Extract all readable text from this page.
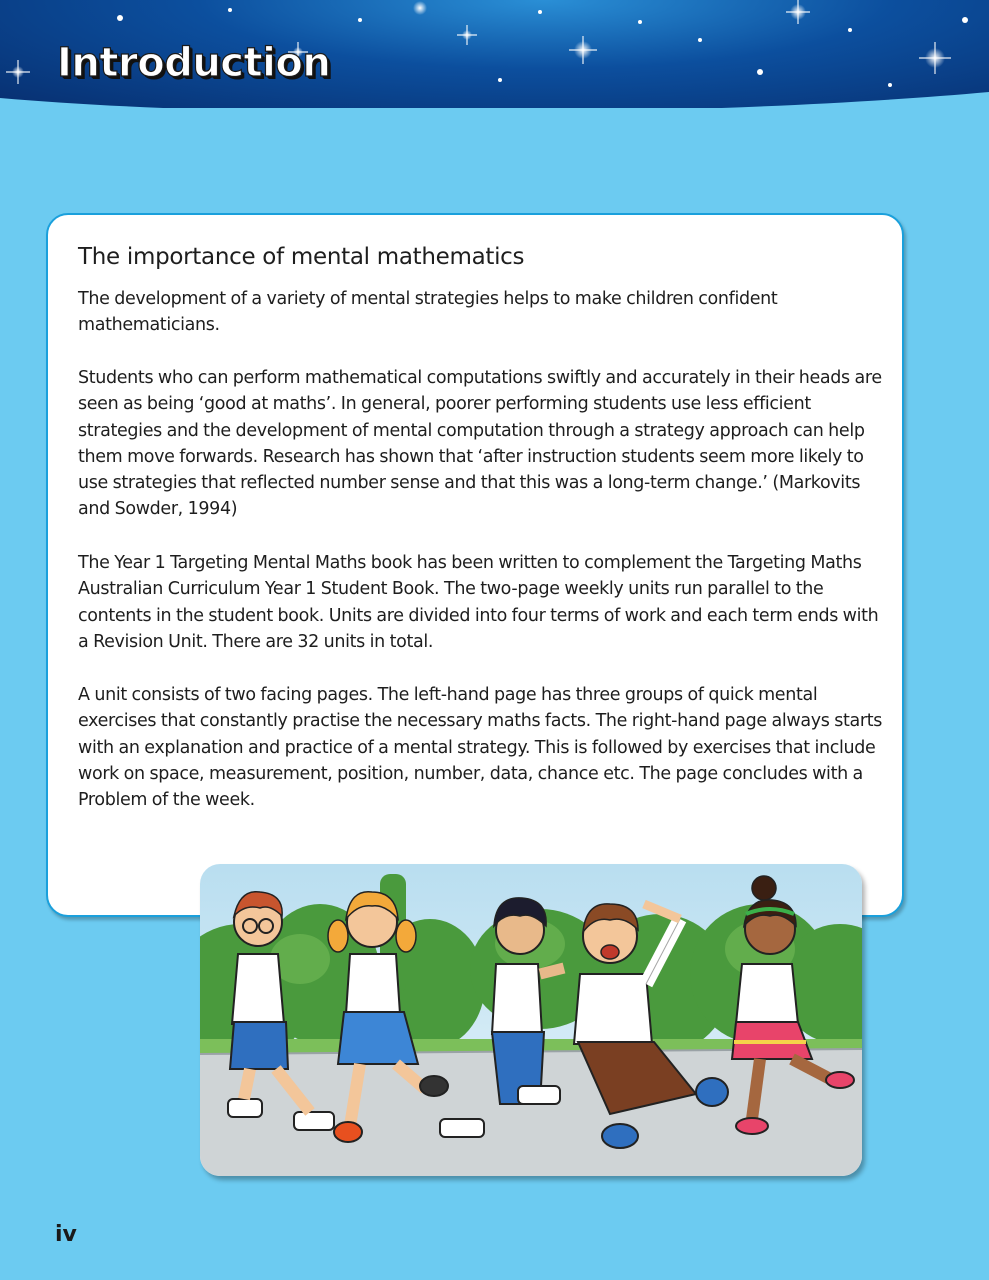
Introduction
The importance of mental mathematics

The development of a variety of mental strategies helps to make children confident mathematicians.

Students who can perform mathematical computations swiftly and accurately in their heads are seen as being ‘good at maths’. In general, poorer performing students use less efficient strategies and the development of mental computation through a strategy approach can help them move forwards. Research has shown that ‘after instruction students seem more likely to use strategies that reflected number sense and that this was a long-term change.’ (Markovits and Sowder, 1994)

The Year 1 Targeting Mental Maths book has been written to complement the Targeting Maths Australian Curriculum Year 1 Student Book. The two-page weekly units run parallel to the contents in the student book. Units are divided into four terms of work and each term ends with a Revision Unit. There are 32 units in total.

A unit consists of two facing pages. The left-hand page has three groups of quick mental exercises that constantly practise the necessary maths facts. The right-hand page always starts with an explanation and practice of a mental strategy. This is followed by exercises that include work on space, measurement, position, number, data, chance etc. The page concludes with a Problem of the week.

iv
